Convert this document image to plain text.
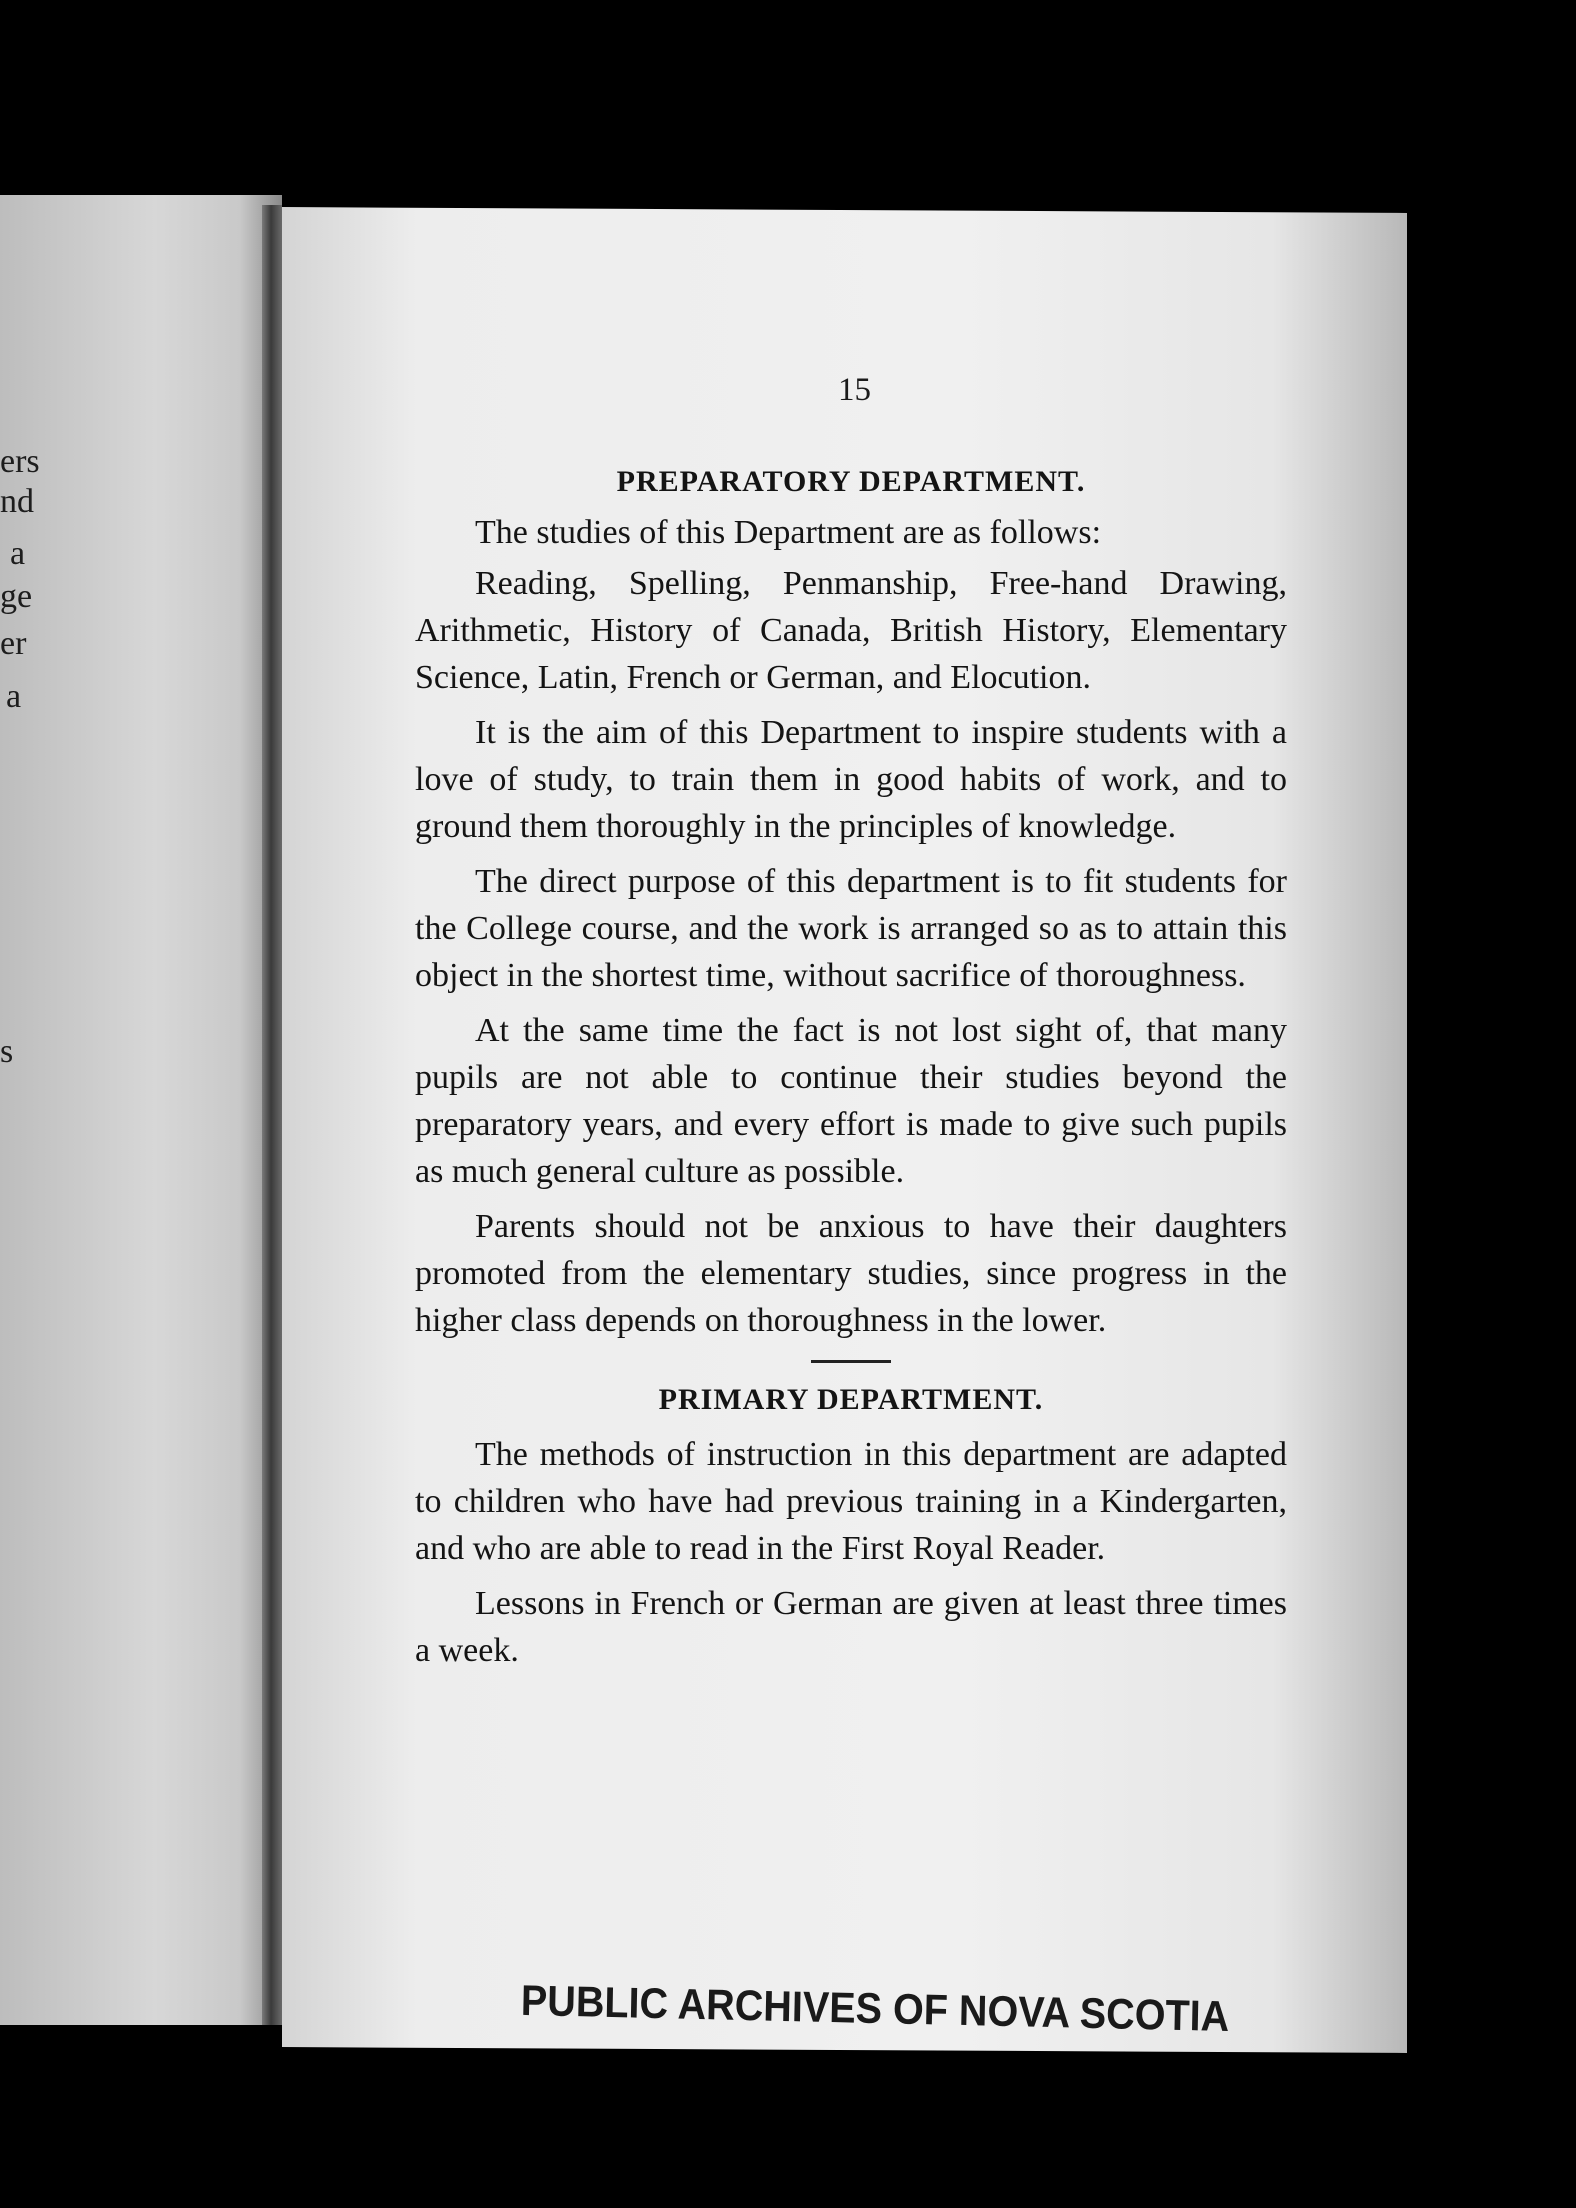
ers
nd
a
ge
er
a
s
15
PREPARATORY DEPARTMENT.

The studies of this Department are as follows:

Reading, Spelling, Penmanship, Free-hand Drawing, Arithmetic, History of Canada, British History, Elementary Science, Latin, French or German, and Elocution.

It is the aim of this Department to inspire students with a love of study, to train them in good habits of work, and to ground them thoroughly in the principles of knowledge.

The direct purpose of this department is to fit students for the College course, and the work is arranged so as to attain this object in the shortest time, without sacrifice of thoroughness.

At the same time the fact is not lost sight of, that many pupils are not able to continue their studies beyond the preparatory years, and every effort is made to give such pupils as much general culture as possible.

Parents should not be anxious to have their daughters promoted from the elementary studies, since progress in the higher class depends on thoroughness in the lower.

PRIMARY DEPARTMENT.

The methods of instruction in this department are adapted to children who have had previous training in a Kindergarten, and who are able to read in the First Royal Reader.

Lessons in French or German are given at least three times a week.

PUBLIC ARCHIVES OF NOVA SCOTIA
